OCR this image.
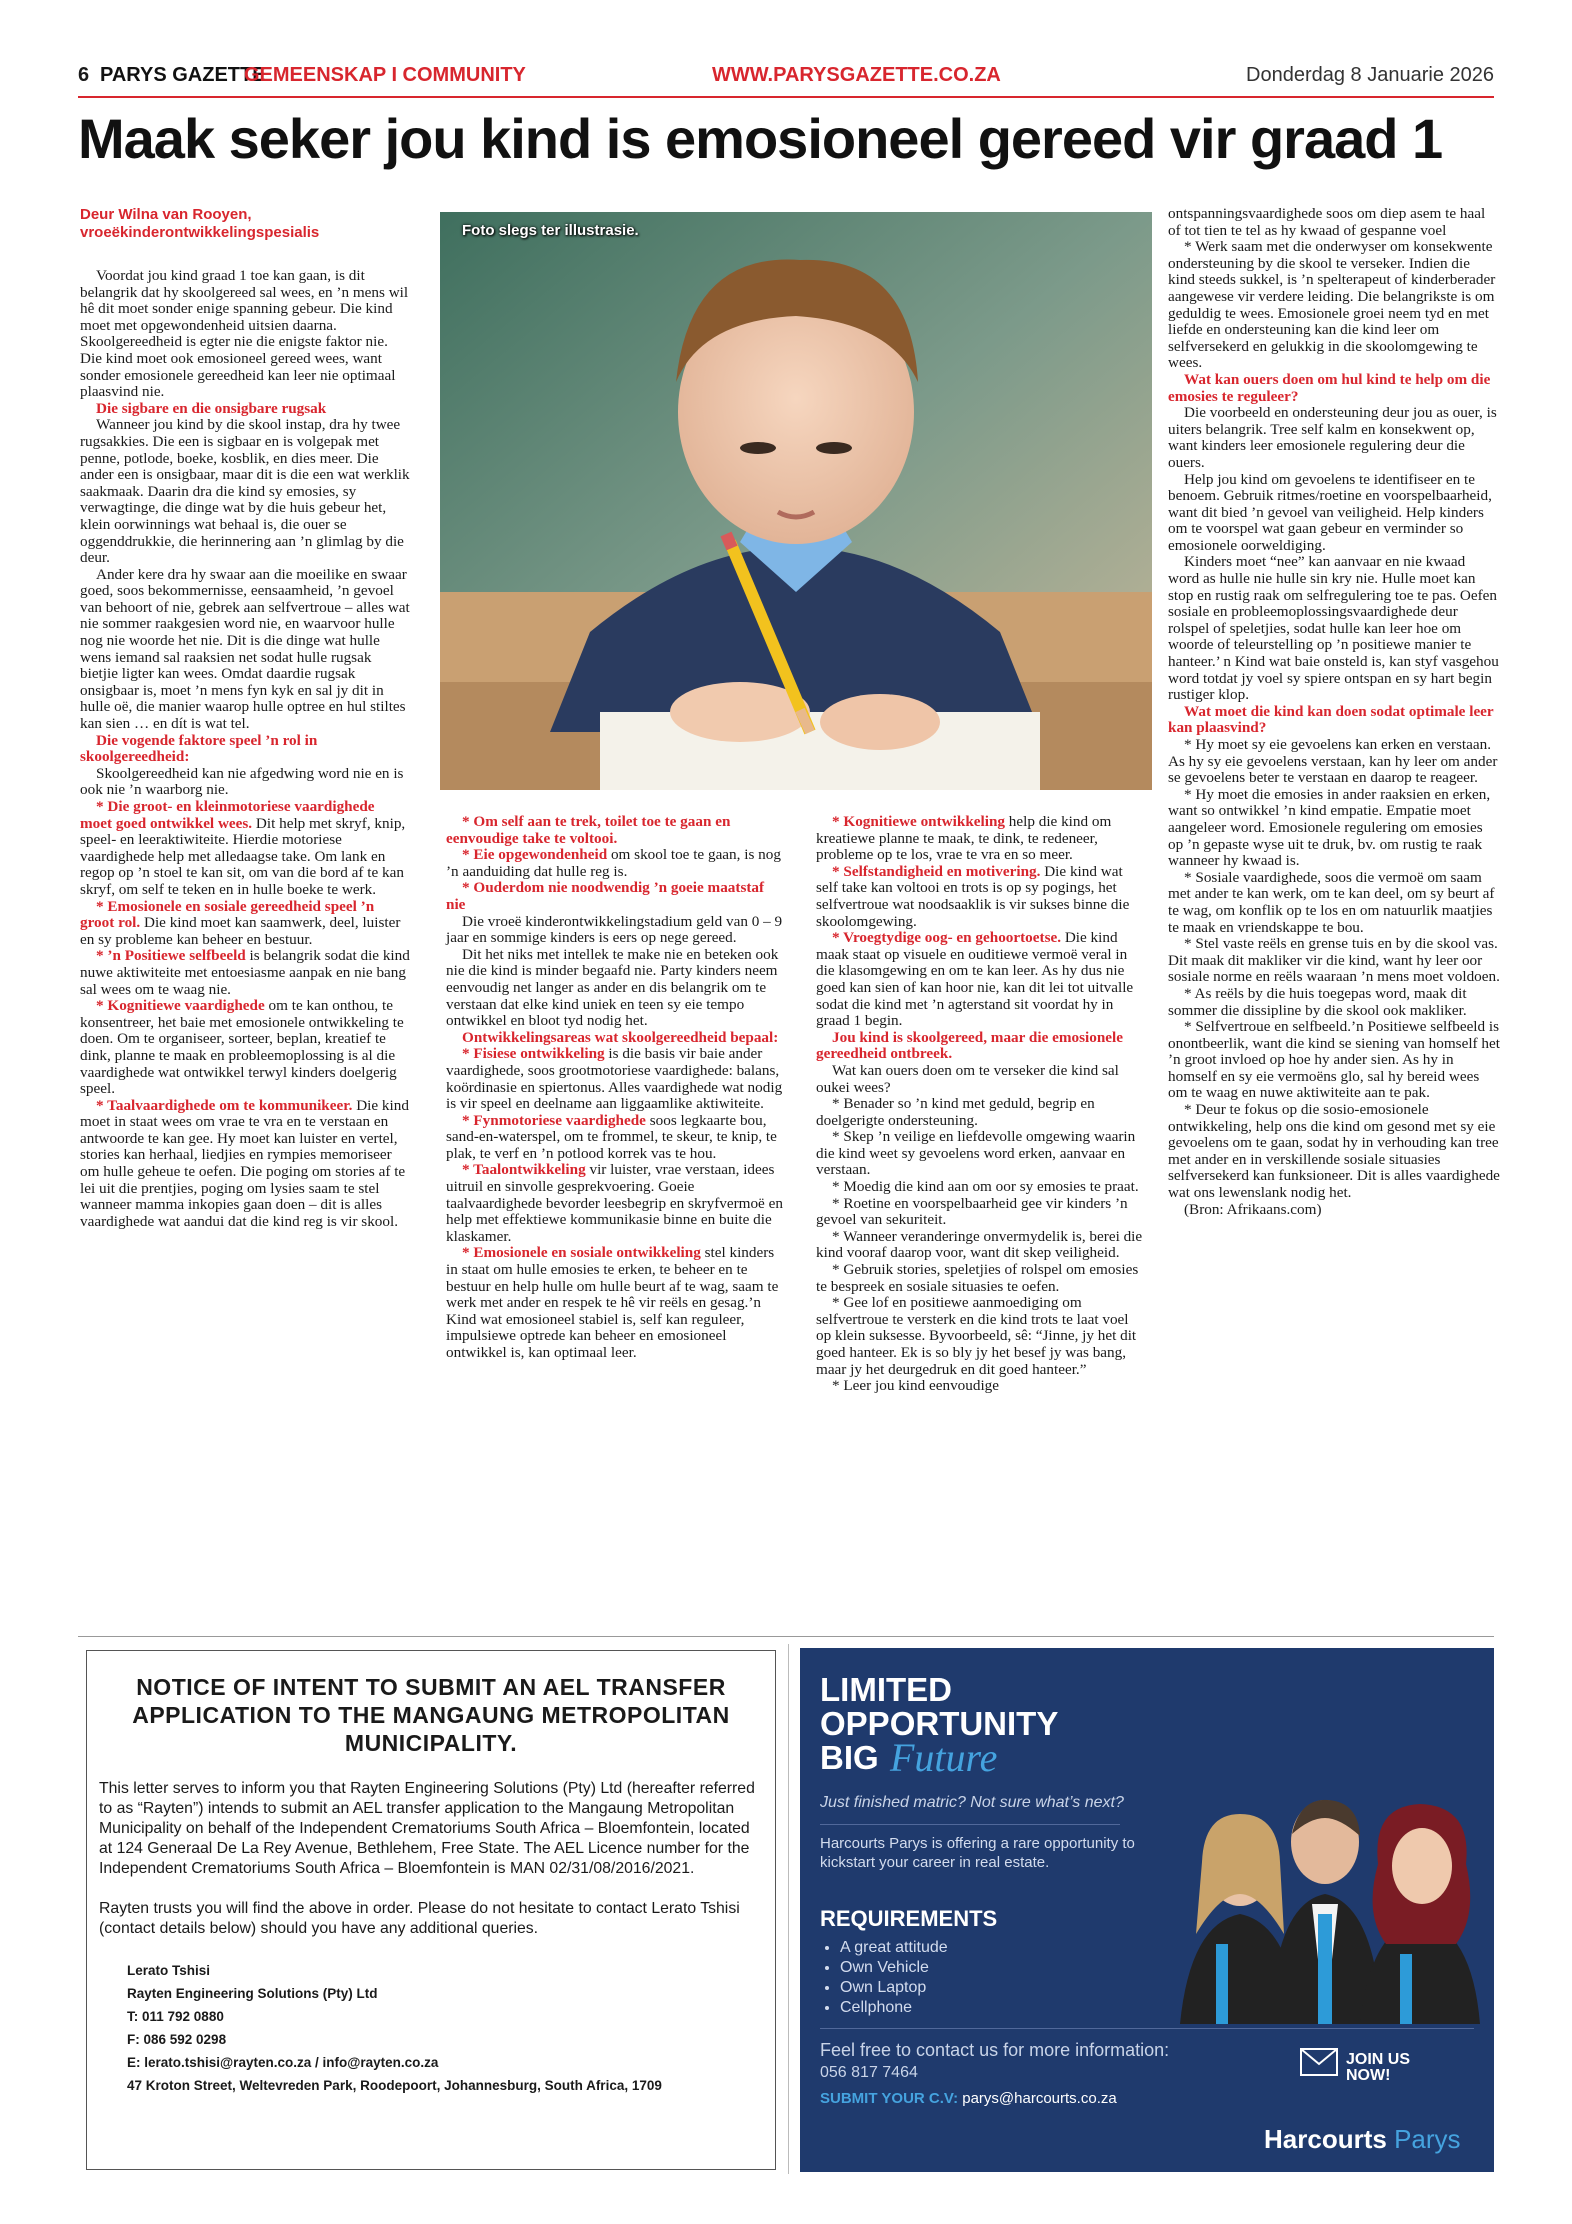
6 PARYS GAZETTE
GEMEENSKAP I COMMUNITY	WWW.PARYSGAZETTE.CO.ZA	Donderdag 8 Januarie 2026
Maak seker jou kind is emosioneel gereed vir graad 1
Deur Wilna van Rooyen,
vroeëkinderontwikkelingspesialis

Voordat jou kind graad 1 toe kan gaan, is dit belangrik dat hy skoolgereed sal wees, en ’n mens wil hê dit moet sonder enige spanning gebeur. Die kind moet met opgewondenheid uitsien daarna. Skoolgereedheid is egter nie die enigste faktor nie. Die kind moet ook emosioneel gereed wees, want sonder emosionele gereedheid kan leer nie optimaal plaasvind nie.

Die sigbare en die onsigbare rugsak

Wanneer jou kind by die skool instap, dra hy twee rugsakkies. Die een is sigbaar en is volgepak met penne, potlode, boeke, kosblik, en dies meer. Die ander een is onsigbaar, maar dit is die een wat werklik saakmaak. Daarin dra die kind sy emosies, sy verwagtinge, die dinge wat by die huis gebeur het, klein oorwinnings wat behaal is, die ouer se oggenddrukkie, die herinnering aan ’n glimlag by die deur.

Ander kere dra hy swaar aan die moeilike en swaar goed, soos bekommernisse, eensaamheid, ’n gevoel van behoort of nie, gebrek aan selfvertroue – alles wat nie sommer raakgesien word nie, en waarvoor hulle nog nie woorde het nie. Dit is die dinge wat hulle wens iemand sal raaksien net sodat hulle rugsak bietjie ligter kan wees. Omdat daardie rugsak onsigbaar is, moet ’n mens fyn kyk en sal jy dit in hulle oë, die manier waarop hulle optree en hul stiltes kan sien … en dít is wat tel.

Die vogende faktore speel ’n rol in skoolgereedheid:

Skoolgereedheid kan nie afgedwing word nie en is ook nie ’n waarborg nie.

* Die groot- en kleinmotoriese vaardighede moet goed ontwikkel wees. Dit help met skryf, knip, speel- en leeraktiwiteite. Hierdie motoriese vaardighede help met alledaagse take. Om lank en regop op ’n stoel te kan sit, om van die bord af te kan skryf, om self te teken en in hulle boeke te werk.

* Emosionele en sosiale gereedheid speel ’n groot rol. Die kind moet kan saamwerk, deel, luister en sy probleme kan beheer en bestuur.

* ’n Positiewe selfbeeld is belangrik sodat die kind nuwe aktiwiteite met entoesiasme aanpak en nie bang sal wees om te waag nie.

* Kognitiewe vaardighede om te kan onthou, te konsentreer, het baie met emosionele ontwikkeling te doen. Om te organiseer, sorteer, beplan, kreatief te dink, planne te maak en probleemoplossing is al die vaardighede wat ontwikkel terwyl kinders doelgerig speel.

* Taalvaardighede om te kommunikeer. Die kind moet in staat wees om vrae te vra en te verstaan en antwoorde te kan gee. Hy moet kan luister en vertel, stories kan herhaal, liedjies en rympies memoriseer om hulle geheue te oefen. Die poging om stories af te lei uit die prentjies, poging om lysies saam te stel wanneer mamma inkopies gaan doen – dit is alles vaardighede wat aandui dat die kind reg is vir skool.

Foto slegs ter illustrasie.

* Om self aan te trek, toilet toe te gaan en eenvoudige take te voltooi.

* Eie opgewondenheid om skool toe te gaan, is nog ’n aanduiding dat hulle reg is.

* Ouderdom nie noodwendig ’n goeie maatstaf nie

Die vroeë kinderontwikkelingstadium geld van 0 – 9 jaar en sommige kinders is eers op nege gereed.

Dit het niks met intellek te make nie en beteken ook nie die kind is minder begaafd nie. Party kinders neem eenvoudig net langer as ander en dis belangrik om te verstaan dat elke kind uniek en teen sy eie tempo ontwikkel en bloot tyd nodig het.

Ontwikkelingsareas wat skoolgereedheid bepaal:

* Fisiese ontwikkeling is die basis vir baie ander vaardighede, soos grootmotoriese vaardighede: balans, koördinasie en spiertonus. Alles vaardighede wat nodig is vir speel en deelname aan liggaamlike aktiwiteite.

* Fynmotoriese vaardighede soos legkaarte bou, sand-en-waterspel, om te frommel, te skeur, te knip, te plak, te verf en ’n potlood korrek vas te hou.

* Taalontwikkeling vir luister, vrae verstaan, idees uitruil en sinvolle gesprekvoering. Goeie taalvaardighede bevorder leesbegrip en skryfvermoë en help met effektiewe kommunikasie binne en buite die klaskamer.

* Emosionele en sosiale ontwikkeling stel kinders in staat om hulle emosies te erken, te beheer en te bestuur en help hulle om hulle beurt af te wag, saam te werk met ander en respek te hê vir reëls en gesag.’n Kind wat emosioneel stabiel is, self kan reguleer, impulsiewe optrede kan beheer en emosioneel ontwikkel is, kan optimaal leer.

* Kognitiewe ontwikkeling help die kind om kreatiewe planne te maak, te dink, te redeneer, probleme op te los, vrae te vra en so meer.

* Selfstandigheid en motivering. Die kind wat self take kan voltooi en trots is op sy pogings, het selfvertroue wat noodsaaklik is vir sukses binne die skoolomgewing.

* Vroegtydige oog- en gehoortoetse. Die kind maak staat op visuele en ouditiewe vermoë veral in die klasomgewing en om te kan leer. As hy dus nie goed kan sien of kan hoor nie, kan dit lei tot uitvalle sodat die kind met ’n agterstand sit voordat hy in graad 1 begin.

Jou kind is skoolgereed, maar die emosionele gereedheid ontbreek.

Wat kan ouers doen om te verseker die kind sal oukei wees?

* Benader so ’n kind met geduld, begrip en doelgerigte ondersteuning.

* Skep ’n veilige en liefdevolle omgewing waarin die kind weet sy gevoelens word erken, aanvaar en verstaan.

* Moedig die kind aan om oor sy emosies te praat.

* Roetine en voorspelbaarheid gee vir kinders ’n gevoel van sekuriteit.

* Wanneer veranderinge onvermydelik is, berei die kind vooraf daarop voor, want dit skep veiligheid.

* Gebruik stories, speletjies of rolspel om emosies te bespreek en sosiale situasies te oefen.

* Gee lof en positiewe aanmoediging om selfvertroue te versterk en die kind trots te laat voel op klein suksesse. Byvoorbeeld, sê: “Jinne, jy het dit goed hanteer. Ek is so bly jy het besef jy was bang, maar jy het deurgedruk en dit goed hanteer.”

* Leer jou kind eenvoudige

ontspanningsvaardighede soos om diep asem te haal of tot tien te tel as hy kwaad of gespanne voel

* Werk saam met die onderwyser om konsekwente ondersteuning by die skool te verseker. Indien die kind steeds sukkel, is ’n spelterapeut of kinderberader aangewese vir verdere leiding. Die belangrikste is om geduldig te wees. Emosionele groei neem tyd en met liefde en ondersteuning kan die kind leer om selfversekerd en gelukkig in die skoolomgewing te wees.

Wat kan ouers doen om hul kind te help om die emosies te reguleer?

Die voorbeeld en ondersteuning deur jou as ouer, is uiters belangrik. Tree self kalm en konsekwent op, want kinders leer emosionele regulering deur die ouers.

Help jou kind om gevoelens te identifiseer en te benoem. Gebruik ritmes/roetine en voorspelbaarheid, want dit bied ’n gevoel van veiligheid. Help kinders om te voorspel wat gaan gebeur en verminder so emosionele oorweldiging.

Kinders moet “nee” kan aanvaar en nie kwaad word as hulle nie hulle sin kry nie. Hulle moet kan stop en rustig raak om selfregulering toe te pas. Oefen sosiale en probleemoplossingsvaardighede deur rolspel of speletjies, sodat hulle kan leer hoe om woorde of teleurstelling op ’n positiewe manier te hanteer.’ n Kind wat baie onsteld is, kan styf vasgehou word totdat jy voel sy spiere ontspan en sy hart begin rustiger klop.

Wat moet die kind kan doen sodat optimale leer kan plaasvind?

* Hy moet sy eie gevoelens kan erken en verstaan. As hy sy eie gevoelens verstaan, kan hy leer om ander se gevoelens beter te verstaan en daarop te reageer.

* Hy moet die emosies in ander raaksien en erken, want so ontwikkel ’n kind empatie. Empatie moet aangeleer word. Emosionele regulering om emosies op ’n gepaste wyse uit te druk, bv. om rustig te raak wanneer hy kwaad is.

* Sosiale vaardighede, soos die vermoë om saam met ander te kan werk, om te kan deel, om sy beurt af te wag, om konflik op te los en om natuurlik maatjies te maak en vriendskappe te bou.

* Stel vaste reëls en grense tuis en by die skool vas. Dit maak dit makliker vir die kind, want hy leer oor sosiale norme en reëls waaraan ’n mens moet voldoen.

* As reëls by die huis toegepas word, maak dit sommer die dissipline by die skool ook makliker.

* Selfvertroue en selfbeeld.’n Positiewe selfbeeld is onontbeerlik, want die kind se siening van homself het ’n groot invloed op hoe hy ander sien. As hy in homself en sy eie vermoëns glo, sal hy bereid wees om te waag en nuwe aktiwiteite aan te pak.

* Deur te fokus op die sosio-emosionele ontwikkeling, help ons die kind om gesond met sy eie gevoelens om te gaan, sodat hy in verhouding kan tree met ander en in verskillende sosiale situasies selfversekerd kan funksioneer. Dit is alles vaardighede wat ons lewenslank nodig het.

(Bron: Afrikaans.com)

NOTICE OF INTENT TO SUBMIT AN AEL TRANSFER APPLICATION TO THE MANGAUNG METROPOLITAN MUNICIPALITY.

This letter serves to inform you that Rayten Engineering Solutions (Pty) Ltd (hereafter referred to as “Rayten”) intends to submit an AEL transfer application to the Mangaung Metropolitan Municipality on behalf of the Independent Crematoriums South Africa – Bloemfontein, located at 124 Generaal De La Rey Avenue, Bethlehem, Free State. The AEL Licence number for the Independent Crematoriums South Africa – Bloemfontein is MAN 02/31/08/2016/2021.

Rayten trusts you will find the above in order. Please do not hesitate to contact Lerato Tshisi (contact details below) should you have any additional queries.

Lerato Tshisi
Rayten Engineering Solutions (Pty) Ltd
T: 011 792 0880
F: 086 592 0298
E: lerato.tshisi@rayten.co.za / info@rayten.co.za
47 Kroton Street, Weltevreden Park, Roodepoort, Johannesburg, South Africa, 1709
LIMITED
OPPORTUNITY
BIG Future
Just finished matric? Not sure what’s next?
Harcourts Parys is offering a rare opportunity to kickstart your career in real estate.
REQUIREMENTS
• A great attitude
• Own Vehicle
• Own Laptop
• Cellphone
Feel free to contact us for more information:
056 817 7464
SUBMIT YOUR C.V: parys@harcourts.co.za
JOIN US NOW!
Harcourts Parys
